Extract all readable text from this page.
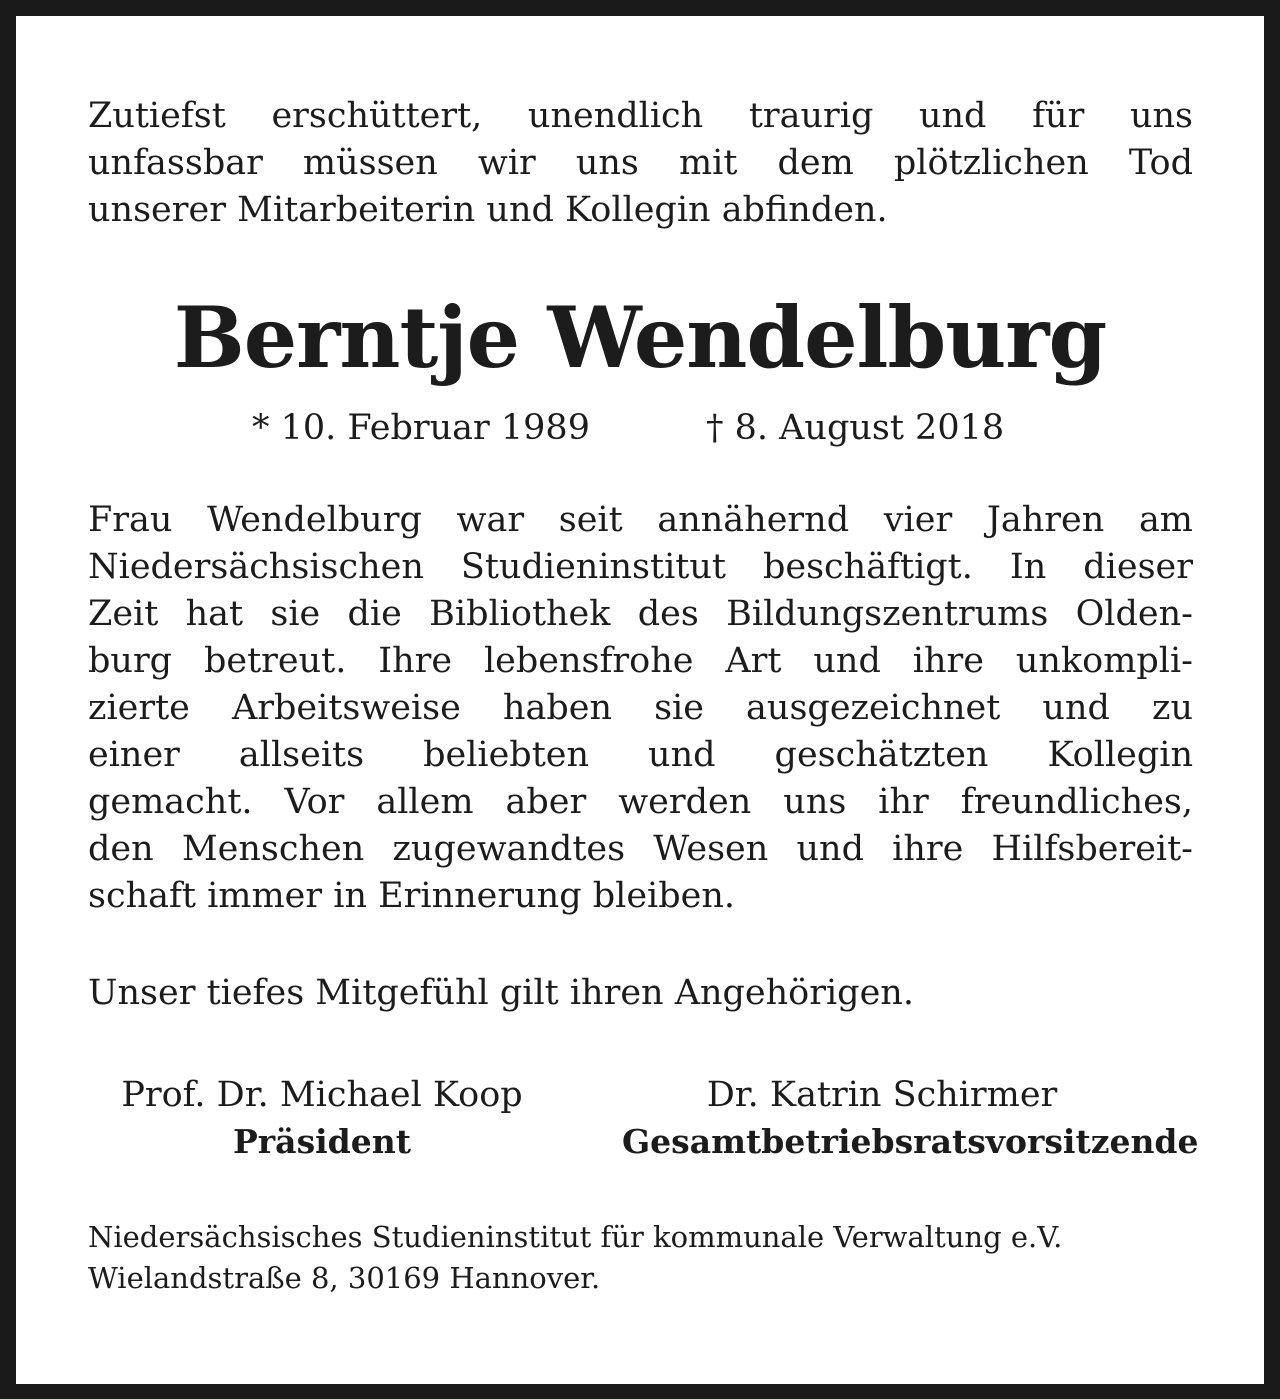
Zutiefst erschüttert, unendlich traurig und für uns
unfassbar müssen wir uns mit dem plötzlichen Tod
unserer Mitarbeiterin und Kollegin abfinden.
Berntje Wendelburg
* 10. Februar 1989	† 8. August 2018
Frau Wendelburg war seit annähernd vier Jahren am
Niedersächsischen Studieninstitut beschäftigt. In dieser
Zeit hat sie die Bibliothek des Bildungszentrums Olden-
burg betreut. Ihre lebensfrohe Art und ihre unkompli-
zierte Arbeitsweise haben sie ausgezeichnet und zu
einer allseits beliebten und geschätzten Kollegin
gemacht. Vor allem aber werden uns ihr freundliches,
den Menschen zugewandtes Wesen und ihre Hilfsbereit-
schaft immer in Erinnerung bleiben.
Unser tiefes Mitgefühl gilt ihren Angehörigen.
Prof. Dr. Michael Koop
Präsident
Dr. Katrin Schirmer
Gesamtbetriebsratsvorsitzende
Niedersächsisches Studieninstitut für kommunale Verwaltung e.V.
Wielandstraße 8, 30169 Hannover.
